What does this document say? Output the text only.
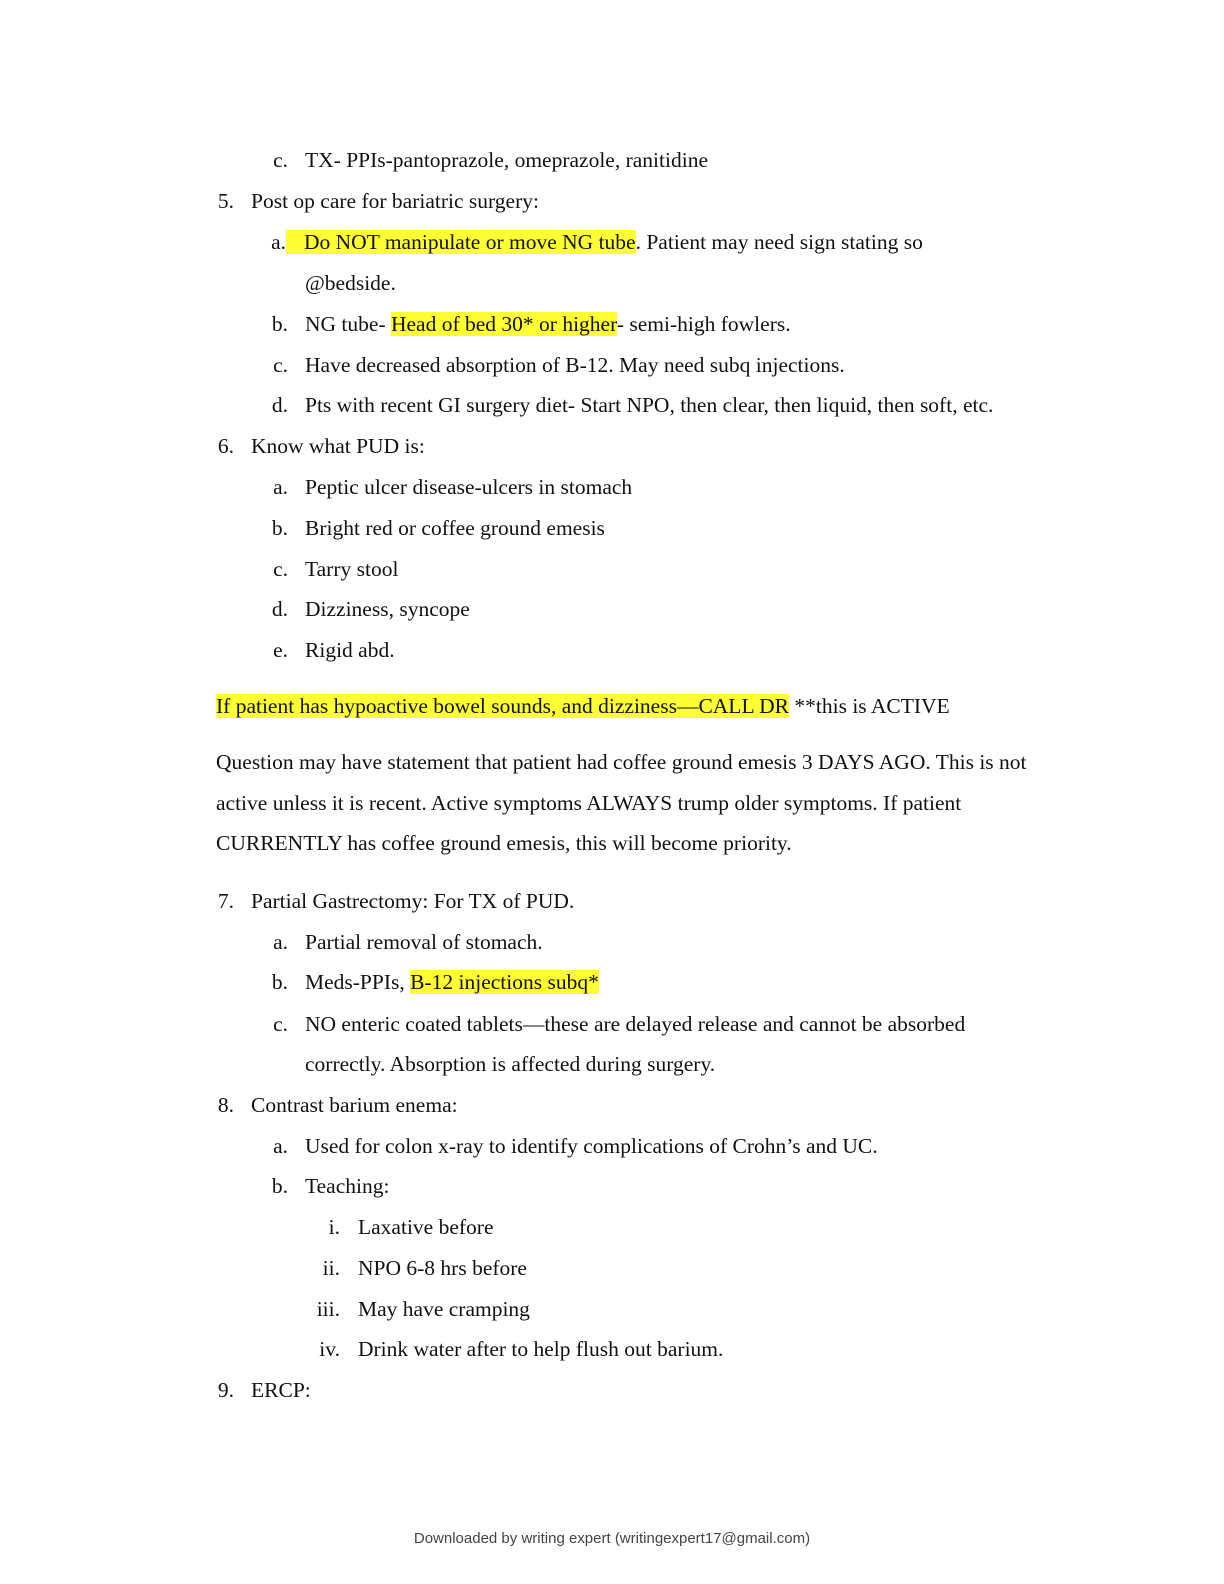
c. TX- PPIs-pantoprazole, omeprazole, ranitidine
5. Post op care for bariatric surgery:
a. Do NOT manipulate or move NG tube. Patient may need sign stating so
@bedside.
b. NG tube- Head of bed 30* or higher- semi-high fowlers.
c. Have decreased absorption of B-12. May need subq injections.
d. Pts with recent GI surgery diet- Start NPO, then clear, then liquid, then soft, etc.
6. Know what PUD is:
a. Peptic ulcer disease-ulcers in stomach
b. Bright red or coffee ground emesis
c. Tarry stool
d. Dizziness, syncope
e. Rigid abd.
If patient has hypoactive bowel sounds, and dizziness—CALL DR **this is ACTIVE
Question may have statement that patient had coffee ground emesis 3 DAYS AGO. This is not active unless it is recent. Active symptoms ALWAYS trump older symptoms. If patient CURRENTLY has coffee ground emesis, this will become priority.
7. Partial Gastrectomy: For TX of PUD.
a. Partial removal of stomach.
b. Meds-PPIs, B-12 injections subq*
c. NO enteric coated tablets—these are delayed release and cannot be absorbed
correctly. Absorption is affected during surgery.
8. Contrast barium enema:
a. Used for colon x-ray to identify complications of Crohn’s and UC.
b. Teaching:
i. Laxative before
ii. NPO 6-8 hrs before
iii. May have cramping
iv. Drink water after to help flush out barium.
9. ERCP:
Downloaded by writing expert (writingexpert17@gmail.com)
